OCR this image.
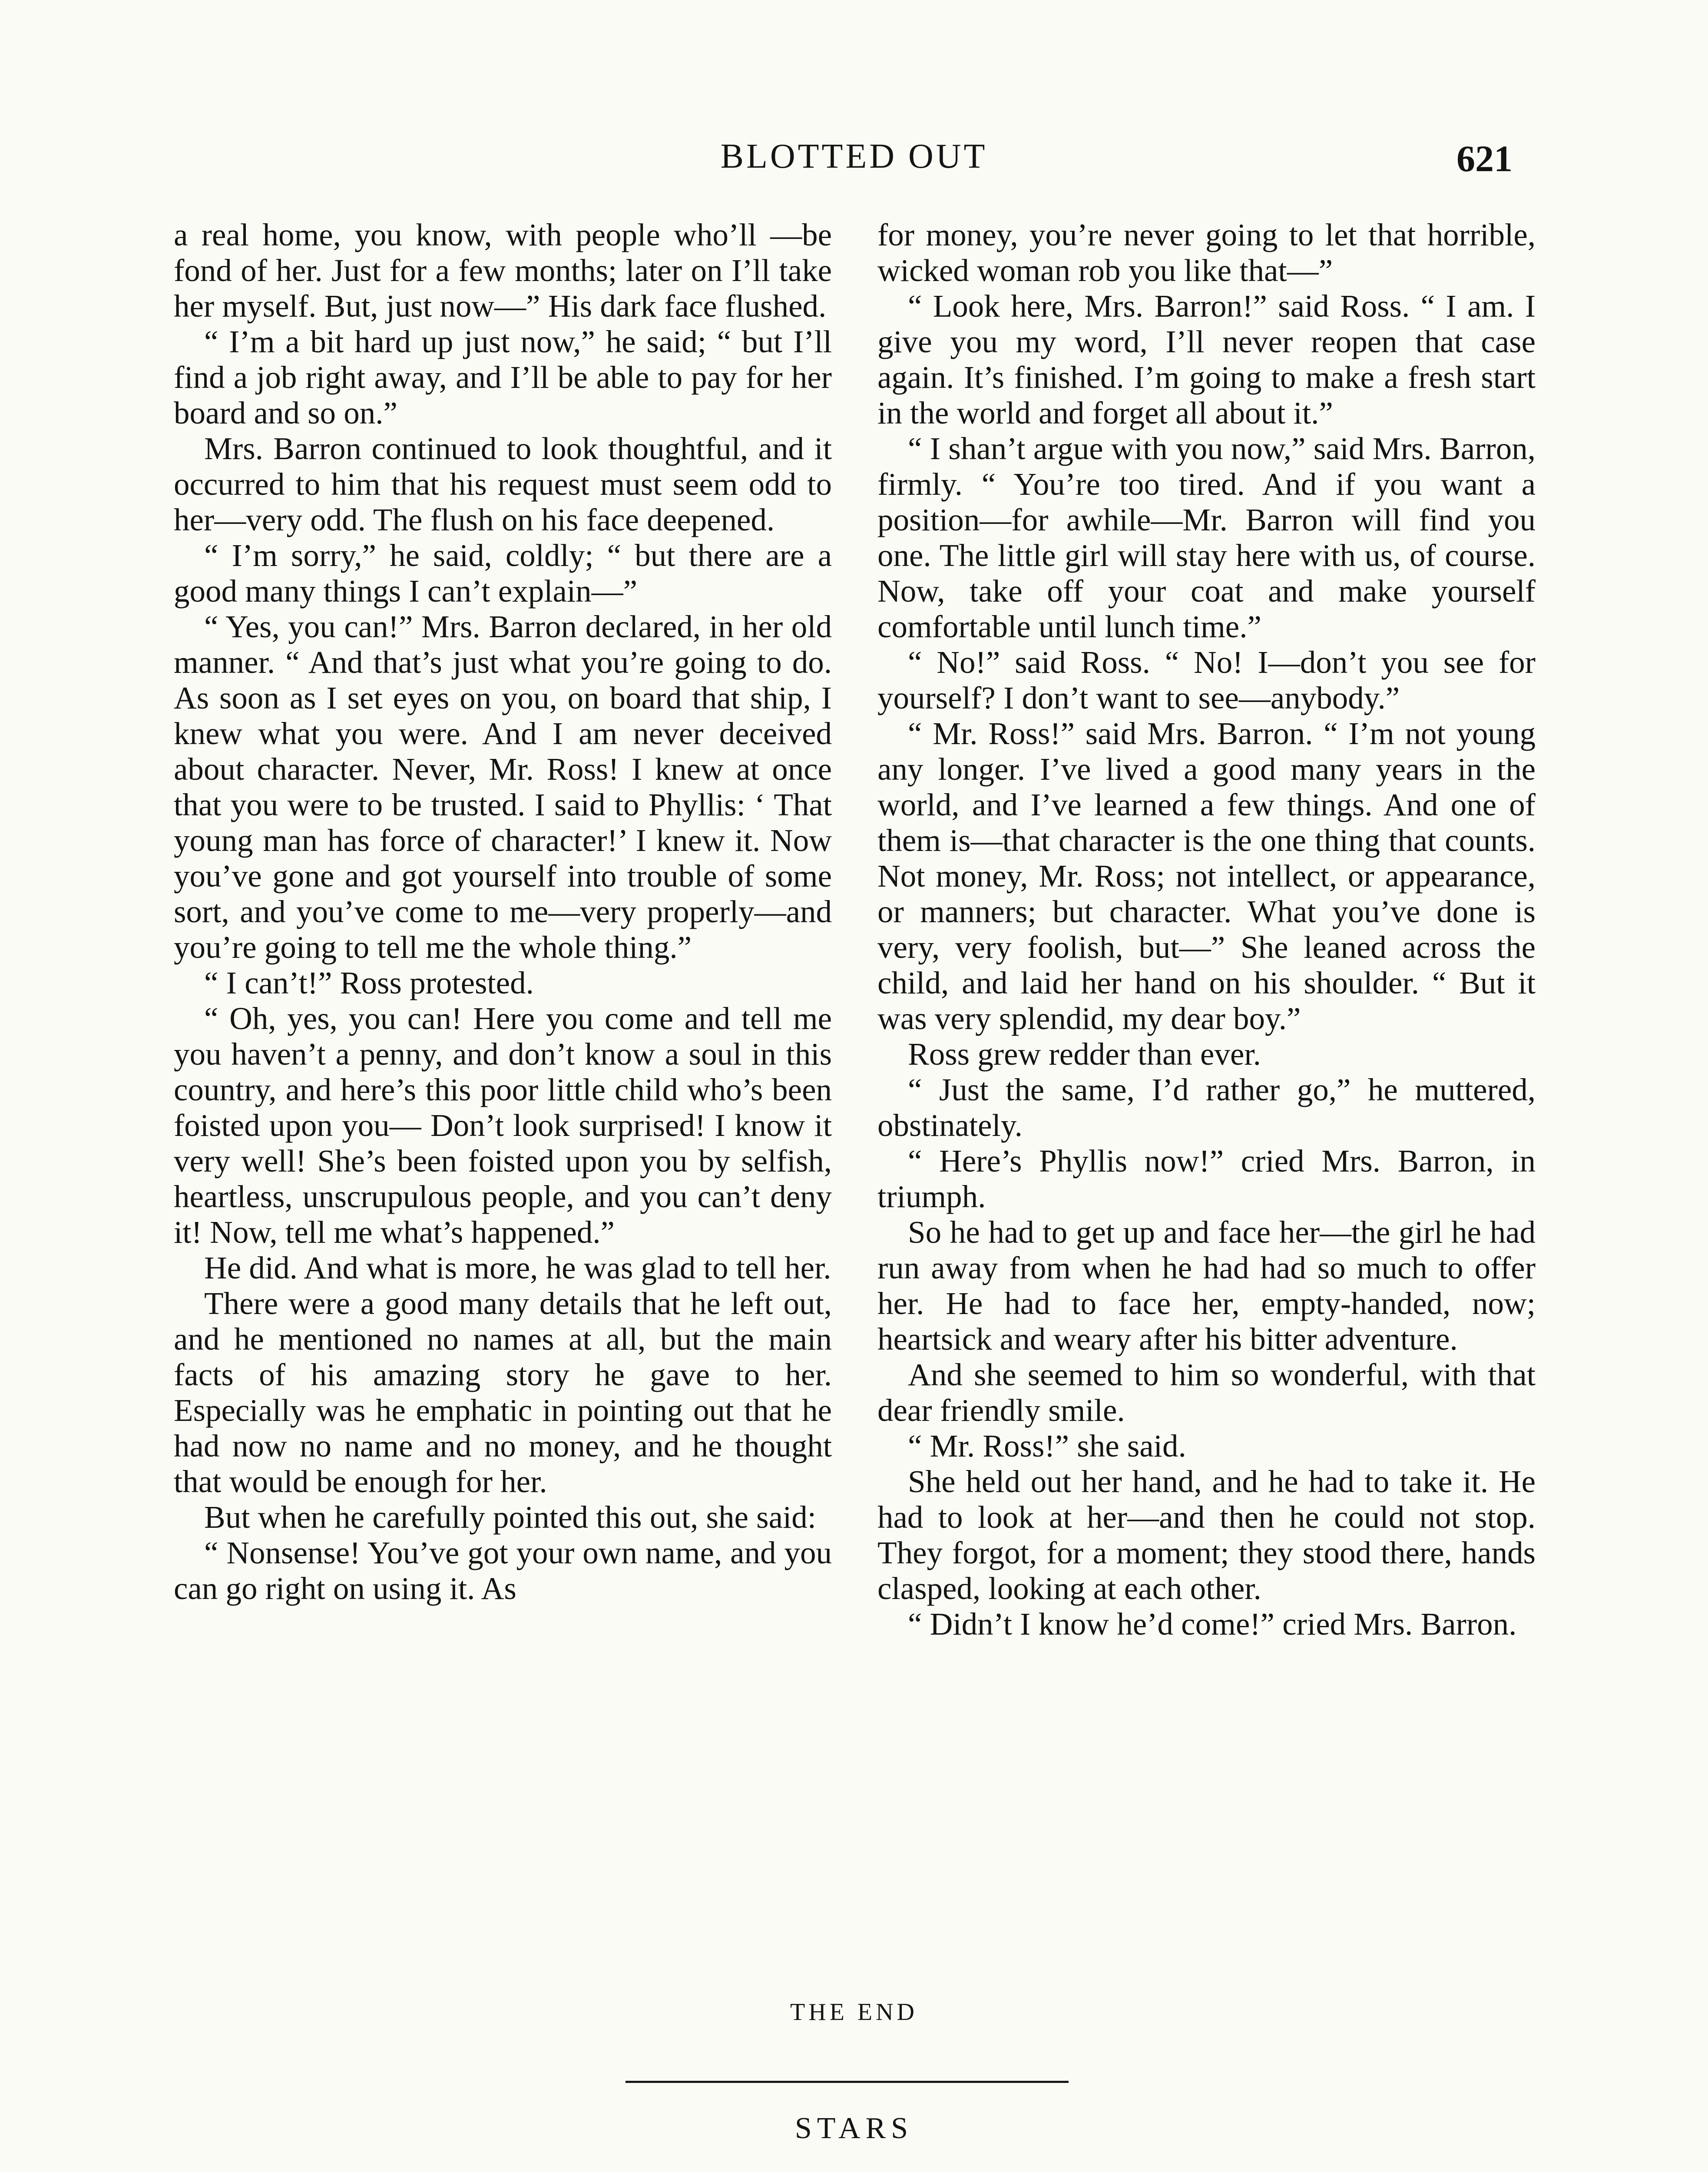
BLOTTED OUT	621

a real home, you know, with people who’ll —be fond of her. Just for a few months; later on I’ll take her myself. But, just now—” His dark face flushed.

“ I’m a bit hard up just now,” he said; “ but I’ll find a job right away, and I’ll be able to pay for her board and so on.”

Mrs. Barron continued to look thoughtful, and it occurred to him that his request must seem odd to her—very odd. The flush on his face deepened.

“ I’m sorry,” he said, coldly; “ but there are a good many things I can’t explain—”

“ Yes, you can!” Mrs. Barron declared, in her old manner. “ And that’s just what you’re going to do. As soon as I set eyes on you, on board that ship, I knew what you were. And I am never deceived about character. Never, Mr. Ross! I knew at once that you were to be trusted. I said to Phyllis: ‘ That young man has force of character!’ I knew it. Now you’ve gone and got yourself into trouble of some sort, and you’ve come to me—very properly—and you’re going to tell me the whole thing.”

“ I can’t!” Ross protested.

“ Oh, yes, you can! Here you come and tell me you haven’t a penny, and don’t know a soul in this country, and here’s this poor little child who’s been foisted upon you— Don’t look surprised! I know it very well! She’s been foisted upon you by selfish, heartless, unscrupulous people, and you can’t deny it! Now, tell me what’s happened.”

He did. And what is more, he was glad to tell her.

There were a good many details that he left out, and he mentioned no names at all, but the main facts of his amazing story he gave to her. Especially was he emphatic in pointing out that he had now no name and no money, and he thought that would be enough for her.

But when he carefully pointed this out, she said:

“ Nonsense! You’ve got your own name, and you can go right on using it. As

for money, you’re never going to let that horrible, wicked woman rob you like that—”

“ Look here, Mrs. Barron!” said Ross. “ I am. I give you my word, I’ll never reopen that case again. It’s finished. I’m going to make a fresh start in the world and forget all about it.”

“ I shan’t argue with you now,” said Mrs. Barron, firmly. “ You’re too tired. And if you want a position—for awhile—Mr. Barron will find you one. The little girl will stay here with us, of course. Now, take off your coat and make yourself comfortable until lunch time.”

“ No!” said Ross. “ No! I—don’t you see for yourself? I don’t want to see—anybody.”

“ Mr. Ross!” said Mrs. Barron. “ I’m not young any longer. I’ve lived a good many years in the world, and I’ve learned a few things. And one of them is—that character is the one thing that counts. Not money, Mr. Ross; not intellect, or appearance, or manners; but character. What you’ve done is very, very foolish, but—” She leaned across the child, and laid her hand on his shoulder. “ But it was very splendid, my dear boy.”

Ross grew redder than ever.

“ Just the same, I’d rather go,” he muttered, obstinately.

“ Here’s Phyllis now!” cried Mrs. Barron, in triumph.

So he had to get up and face her—the girl he had run away from when he had had so much to offer her. He had to face her, empty-handed, now; heartsick and weary after his bitter adventure.

And she seemed to him so wonderful, with that dear friendly smile.

“ Mr. Ross!” she said.

She held out her hand, and he had to take it. He had to look at her—and then he could not stop. They forgot, for a moment; they stood there, hands clasped, looking at each other.

“ Didn’t I know he’d come!” cried Mrs. Barron.

THE END
STARS
